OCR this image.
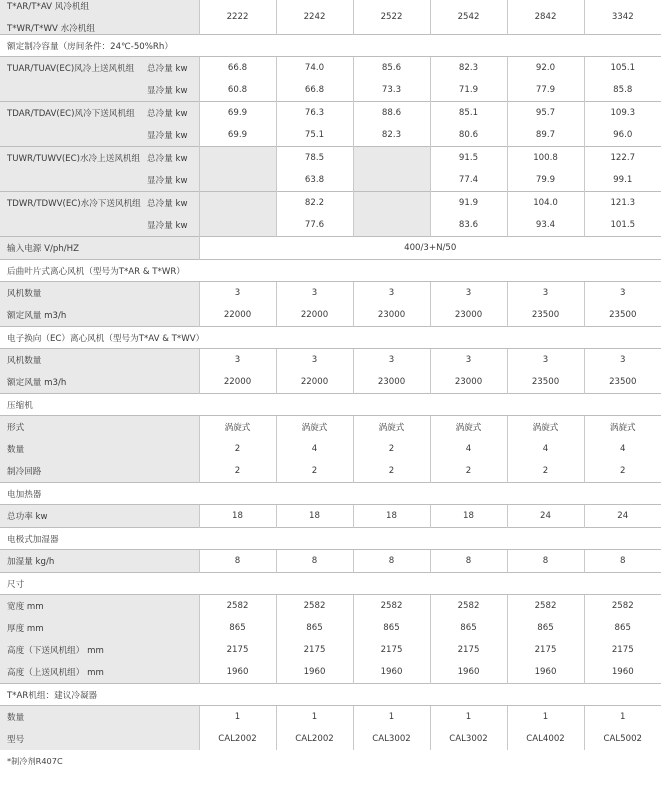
T*AR/T*AV 风冷机组
T*WR/T*WV 水冷机组	2222	2242	2522	2542	2842	3342

额定制冷容量（房间条件：24℃-50%Rh）						
TUAR/TUAV(EC)风冷上送风机组 总冷量 kw	66.8	74.0	85.6	82.3	92.0	105.1
显冷量 kw	60.8	66.8	73.3	71.9	77.9	85.8
TDAR/TDAV(EC)风冷下送风机组 总冷量 kw	69.9	76.3	88.6	85.1	95.7	109.3
显冷量 kw	69.9	75.1	82.3	80.6	89.7	96.0
TUWR/TUWV(EC)水冷上送风机组 总冷量 kw		78.5		91.5	100.8	122.7
显冷量 kw		63.8		77.4	79.9	99.1
TDWR/TDWV(EC)水冷下送风机组 总冷量 kw		82.2		91.9	104.0	121.3
显冷量 kw		77.6		83.6	93.4	101.5
输入电源 V/ph/HZ	400/3+N/50					
后曲叶片式离心风机（型号为T*AR & T*WR）						
风机数量	3	3	3	3	3	3
额定风量 m3/h	22000	22000	23000	23000	23500	23500
电子换向（EC）离心风机（型号为T*AV & T*WV）						
风机数量	3	3	3	3	3	3
额定风量 m3/h	22000	22000	23000	23000	23500	23500
压缩机						
形式	涡旋式	涡旋式	涡旋式	涡旋式	涡旋式	涡旋式
数量	2	4	2	4	4	4
制冷回路	2	2	2	2	2	2
电加热器						
总功率 kw	18	18	18	18	24	24
电极式加湿器						
加湿量 kg/h	8	8	8	8	8	8
尺寸						
宽度 mm	2582	2582	2582	2582	2582	2582
厚度 mm	865	865	865	865	865	865
高度（下送风机组） mm	2175	2175	2175	2175	2175	2175
高度（上送风机组） mm	1960	1960	1960	1960	1960	1960
T*AR机组：建议冷凝器						
数量	1	1	1	1	1	1
型号	CAL2002	CAL2002	CAL3002	CAL3002	CAL4002	CAL5002
*制冷剂R407C
